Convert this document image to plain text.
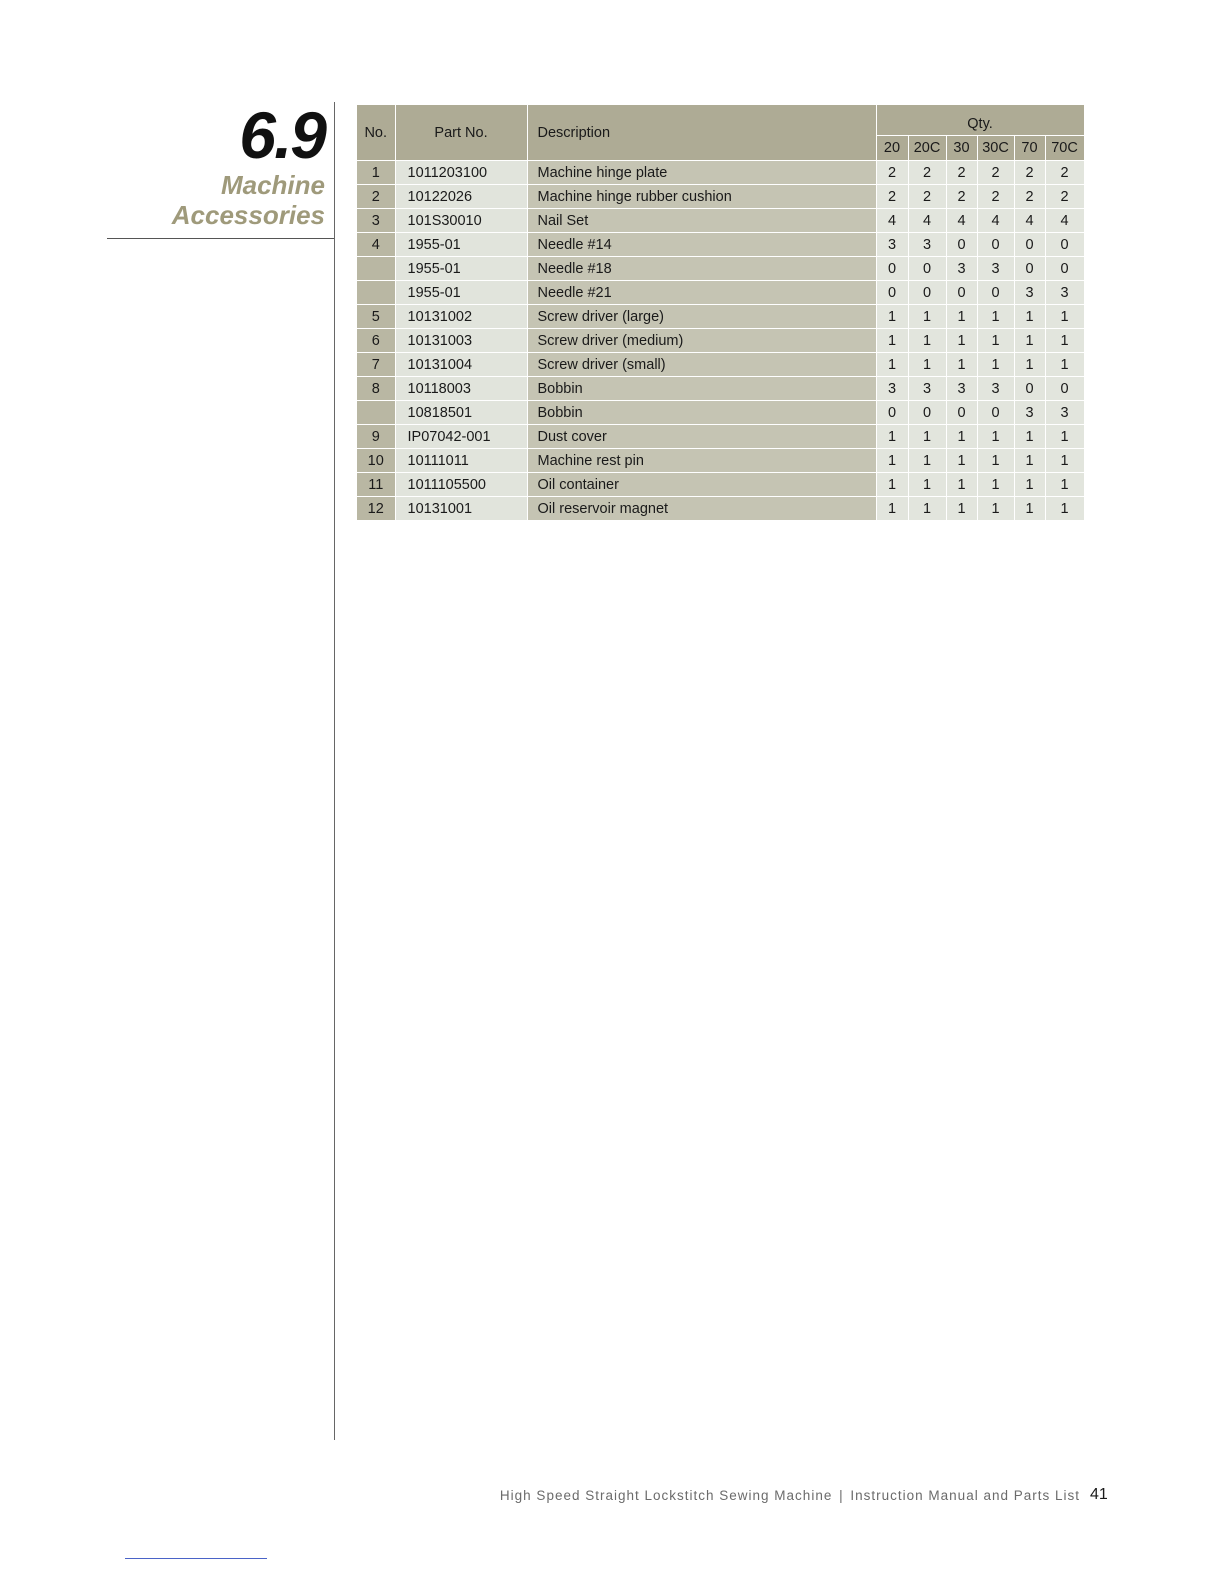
6.9
Machine
Accessories
No.	Part No.	Description	Qty.					
			20	20C	30	30C	70	70C
1	1011203100	Machine hinge plate	2	2	2	2	2	2
2	10122026	Machine hinge rubber cushion	2	2	2	2	2	2
3	101S30010	Nail Set	4	4	4	4	4	4
4	1955-01	Needle #14	3	3	0	0	0	0
	1955-01	Needle #18	0	0	3	3	0	0
	1955-01	Needle #21	0	0	0	0	3	3
5	10131002	Screw driver (large)	1	1	1	1	1	1
6	10131003	Screw driver (medium)	1	1	1	1	1	1
7	10131004	Screw driver (small)	1	1	1	1	1	1
8	10118003	Bobbin	3	3	3	3	0	0
	10818501	Bobbin	0	0	0	0	3	3
9	IP07042-001	Dust cover	1	1	1	1	1	1
10	10111011	Machine rest pin	1	1	1	1	1	1
11	1011105500	Oil container	1	1	1	1	1	1
12	10131001	Oil reservoir magnet	1	1	1	1	1	1
High Speed Straight Lockstitch Sewing Machine | Instruction Manual and Parts List 41
